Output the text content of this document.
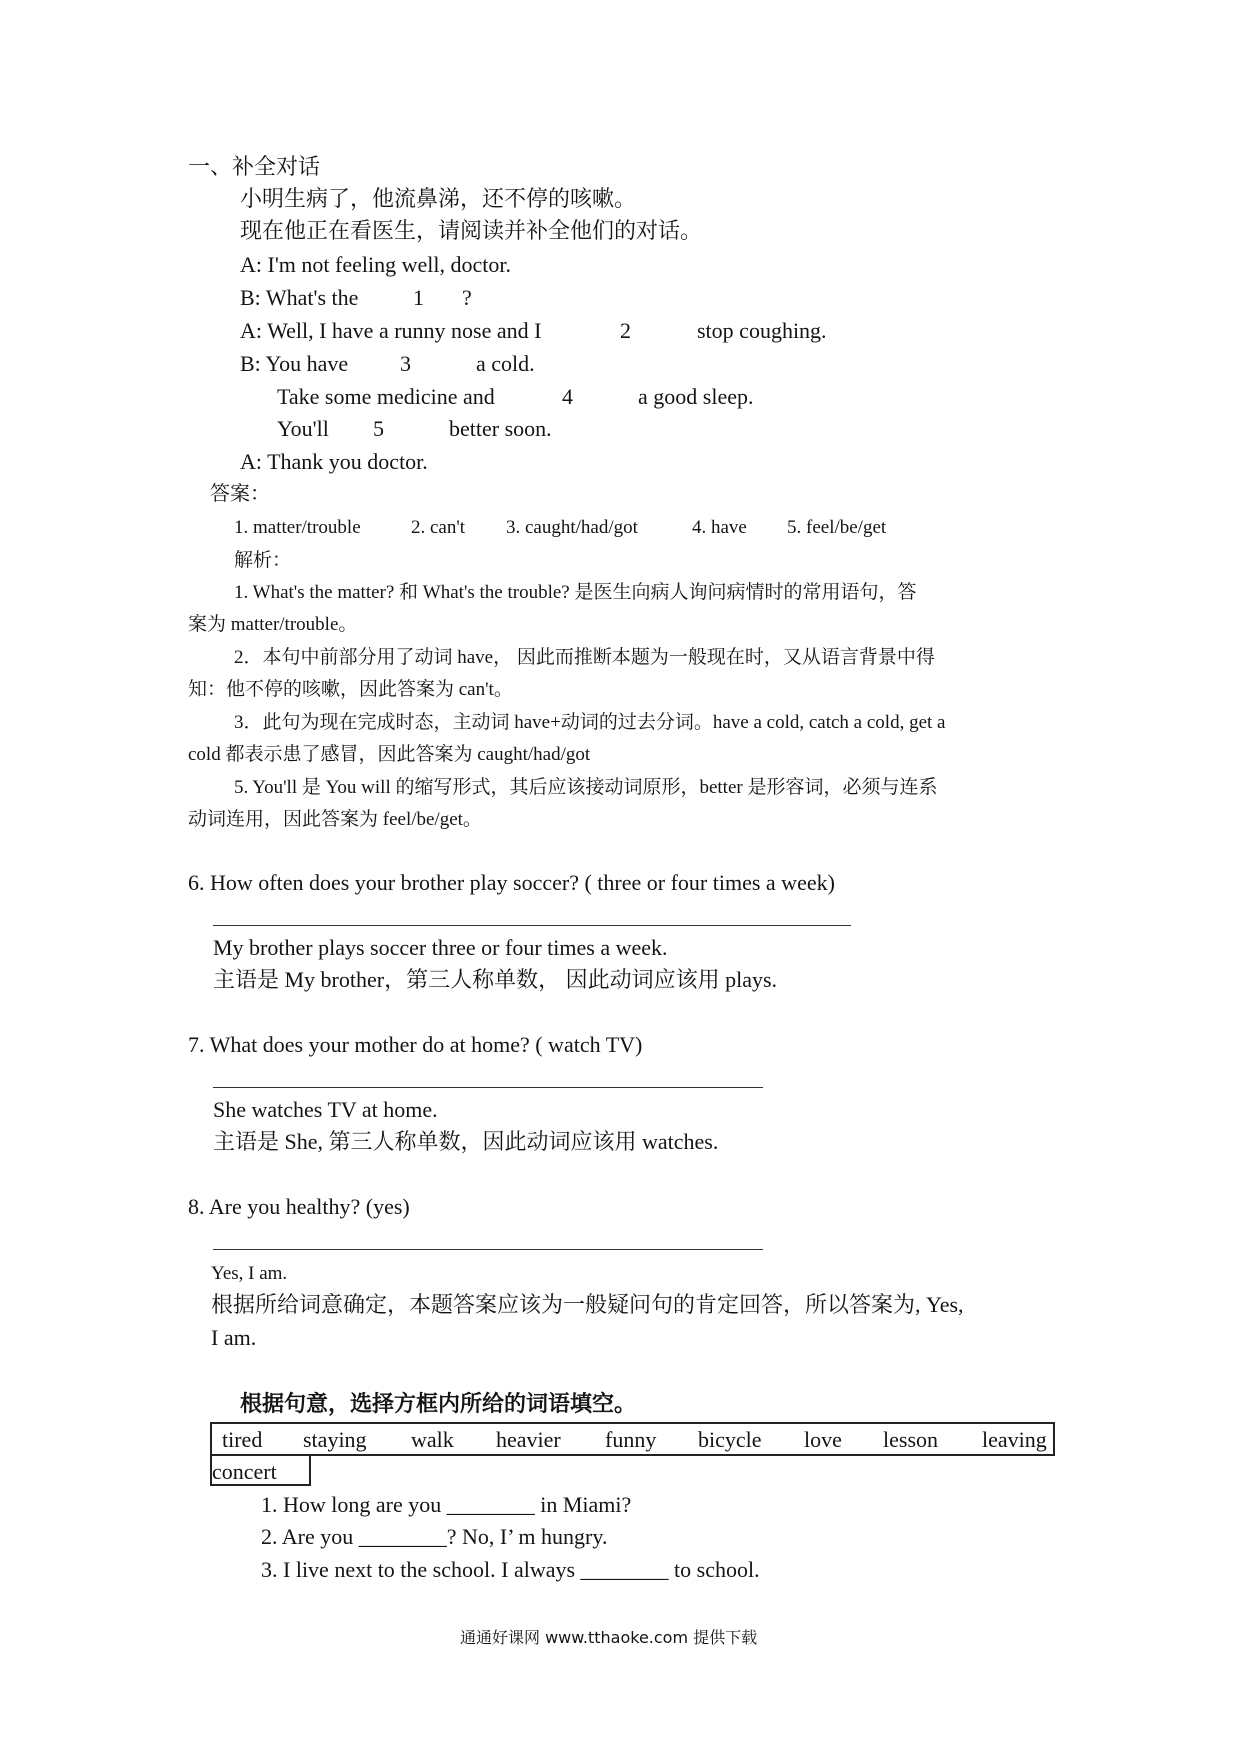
一、补全对话
小明生病了，他流鼻涕，还不停的咳嗽。
现在他正在看医生，请阅读并补全他们的对话。
A: I'm not feeling well, doctor.
B: What's the 1 ?
A: Well, I have a runny nose and I	2	stop coughing.
B: You have 3	a cold.
Take some medicine and	4	a good sleep.
You'll 5	better soon.
A: Thank you doctor.
答案：
1. matter/trouble	2. can't 3. caught/had/got	4. have 5. feel/be/get
解析：
1. What's the matter? 和 What's the trouble? 是医生向病人询问病情时的常用语句，答
案为 matter/trouble。
2．本句中前部分用了动词 have， 因此而推断本题为一般现在时，又从语言背景中得
知：他不停的咳嗽，因此答案为 can't。
3．此句为现在完成时态，主动词 have+动词的过去分词。have a cold, catch a cold, get a
cold 都表示患了感冒，因此答案为 caught/had/got
5. You'll 是 You will 的缩写形式，其后应该接动词原形，better 是形容词，必须与连系
动词连用，因此答案为 feel/be/get。
6. How often does your brother play soccer? ( three or four times a week)
My brother plays soccer three or four times a week.
主语是 My brother，第三人称单数， 因此动词应该用 plays.
7. What does your mother do at home? ( watch TV)
She watches TV at home.
主语是 She, 第三人称单数，因此动词应该用 watches.
8. Are you healthy? (yes)
Yes, I am.
根据所给词意确定，本题答案应该为一般疑问句的肯定回答，所以答案为, Yes,
I am.
根据句意，选择方框内所给的词语填空。
tired staying walk heavier funny bicycle love lesson leaving
concert
1. How long are you ________ in Miami?
2. Are you ________? No, I’ m hungry.
3. I live next to the school. I always ________ to school.
通通好课网 www.tthaoke.com 提供下载
